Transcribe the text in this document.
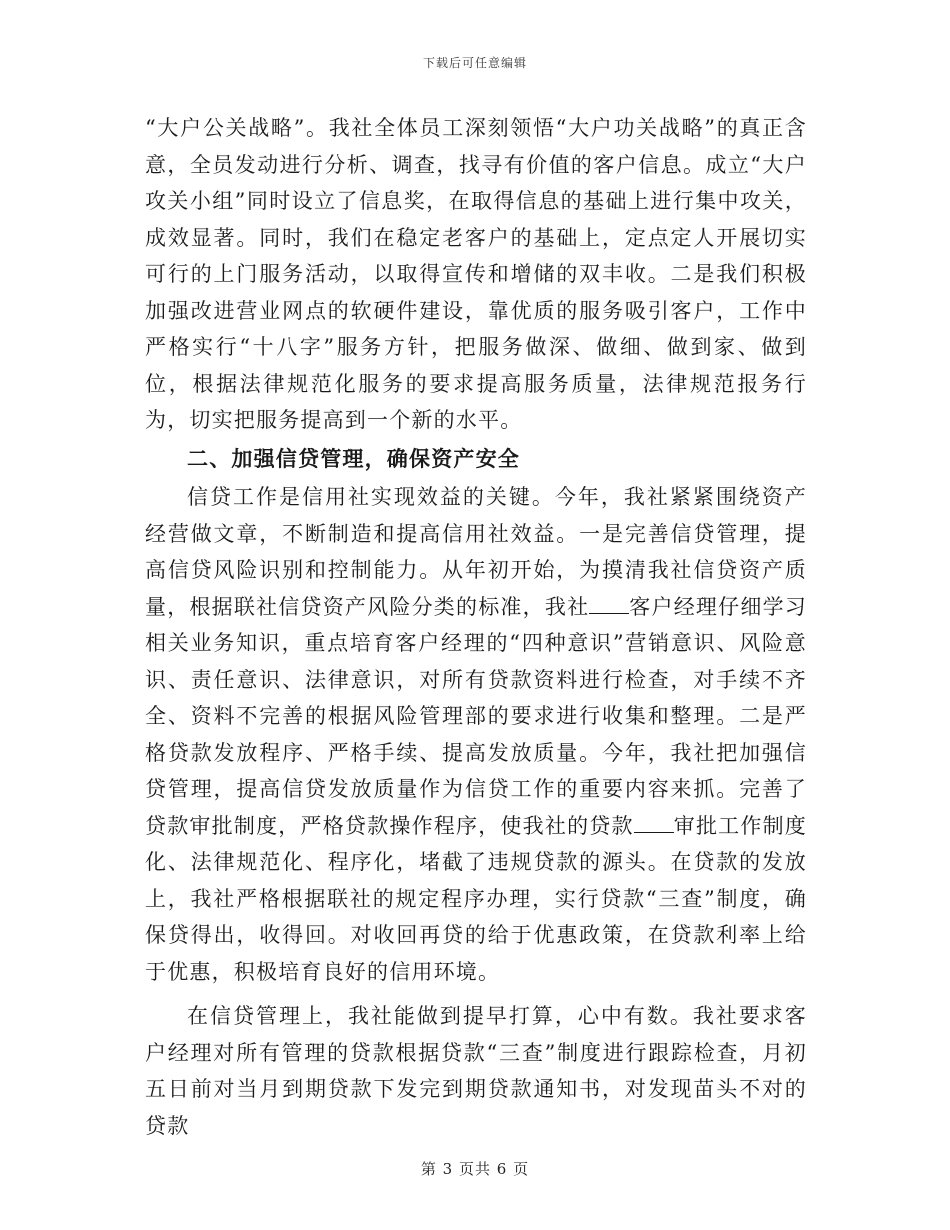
下载后可任意编辑

“大户公关战略”。我社全体员工深刻领悟“大户功关战略”的真正含意，全员发动进行分析、调查，找寻有价值的客户信息。成立“大户攻关小组”同时设立了信息奖，在取得信息的基础上进行集中攻关，成效显著。同时，我们在稳定老客户的基础上，定点定人开展切实可行的上门服务活动，以取得宣传和增储的双丰收。二是我们积极加强改进营业网点的软硬件建设，靠优质的服务吸引客户，工作中严格实行“十八字”服务方针，把服务做深、做细、做到家、做到位，根据法律规范化服务的要求提高服务质量，法律规范报务行为，切实把服务提高到一个新的水平。

二、加强信贷管理，确保资产安全

信贷工作是信用社实现效益的关键。今年，我社紧紧围绕资产经营做文章，不断制造和提高信用社效益。一是完善信贷管理，提高信贷风险识别和控制能力。从年初开始，为摸清我社信贷资产质量，根据联社信贷资产风险分类的标准，我社 客户经理仔细学习相关业务知识，重点培育客户经理的“四种意识”营销意识、风险意识、责任意识、法律意识，对所有贷款资料进行检查，对手续不齐全、资料不完善的根据风险管理部的要求进行收集和整理。二是严格贷款发放程序、严格手续、提高发放质量。今年，我社把加强信贷管理，提高信贷发放质量作为信贷工作的重要内容来抓。完善了贷款审批制度，严格贷款操作程序，使我社的贷款 审批工作制度化、法律规范化、程序化，堵截了违规贷款的源头。在贷款的发放上，我社严格根据联社的规定程序办理，实行贷款“三查”制度，确保贷得出，收得回。对收回再贷的给于优惠政策，在贷款利率上给于优惠，积极培育良好的信用环境。

在信贷管理上，我社能做到提早打算，心中有数。我社要求客户经理对所有管理的贷款根据贷款“三查”制度进行跟踪检查，月初五日前对当月到期贷款下发完到期贷款通知书，对发现苗头不对的贷款

第 3 页共 6 页
